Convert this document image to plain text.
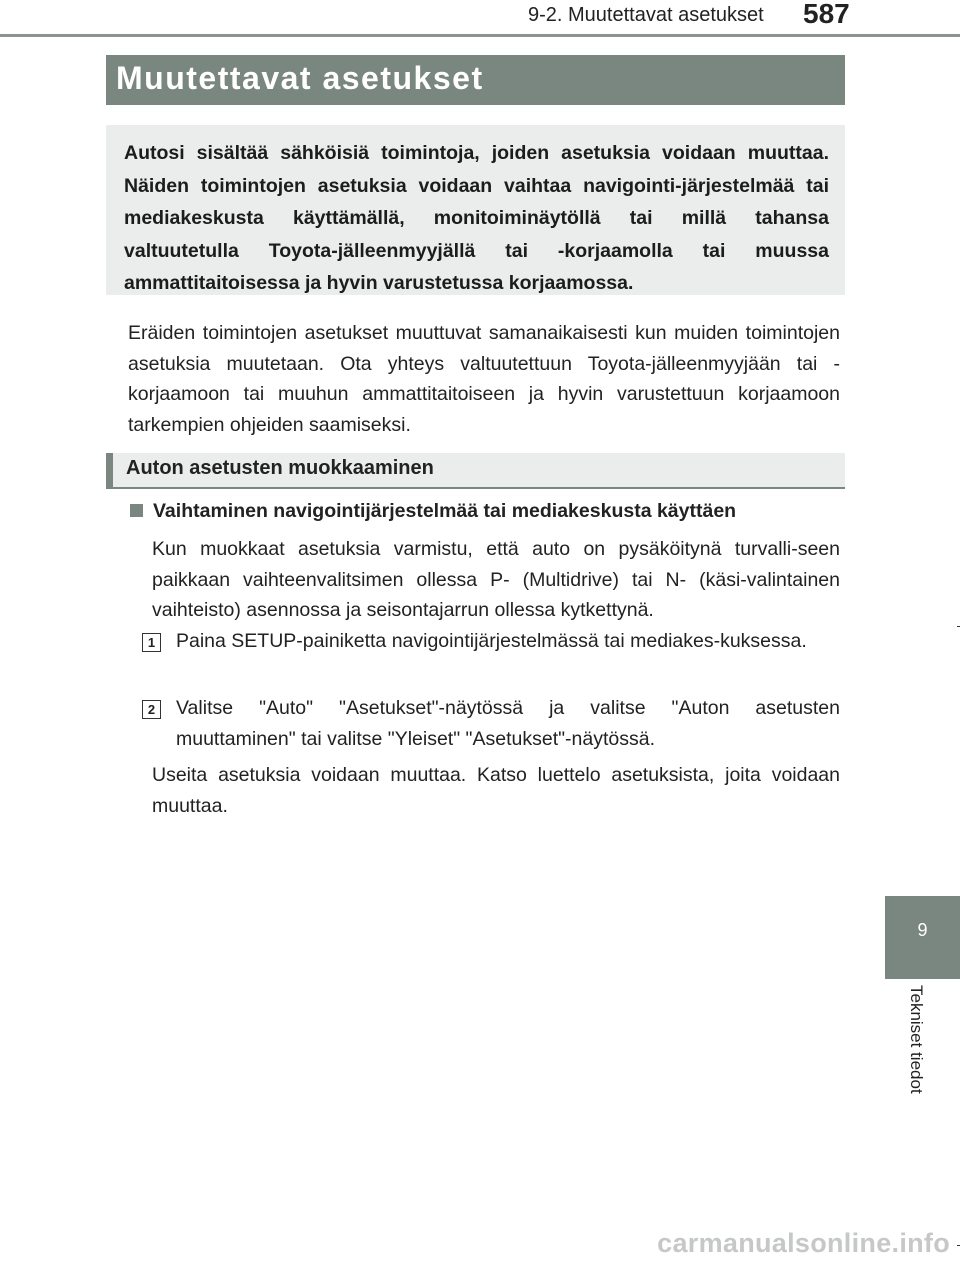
9-2. Muutettavat asetukset 587
Muutettavat asetukset

Autosi sisältää sähköisiä toimintoja, joiden asetuksia voidaan muuttaa. Näiden toimintojen asetuksia voidaan vaihtaa navigointi-järjestelmää tai mediakeskusta käyttämällä, monitoiminäytöllä tai millä tahansa valtuutetulla Toyota-jälleenmyyjällä tai -korjaamolla tai muussa ammattitaitoisessa ja hyvin varustetussa korjaamossa.

Eräiden toimintojen asetukset muuttuvat samanaikaisesti kun muiden toimintojen asetuksia muutetaan. Ota yhteys valtuutettuun Toyota-jälleenmyyjään tai -korjaamoon tai muuhun ammattitaitoiseen ja hyvin varustettuun korjaamoon tarkempien ohjeiden saamiseksi.

Auton asetusten muokkaaminen
Vaihtaminen navigointijärjestelmää tai mediakeskusta käyttäen

Kun muokkaat asetuksia varmistu, että auto on pysäköitynä turvalli-seen paikkaan vaihteenvalitsimen ollessa P- (Multidrive) tai N- (käsi-valintainen vaihteisto) asennossa ja seisontajarrun ollessa kytkettynä.

1	Paina SETUP-painiketta navigointijärjestelmässä tai mediakes-kuksessa.

2	Valitse "Auto" "Asetukset"-näytössä ja valitse "Auton asetusten muuttaminen" tai valitse "Yleiset" "Asetukset"-näytössä.

Useita asetuksia voidaan muuttaa. Katso luettelo asetuksista, joita voidaan muuttaa.

9
Tekniset tiedot
carmanualsonline.info
